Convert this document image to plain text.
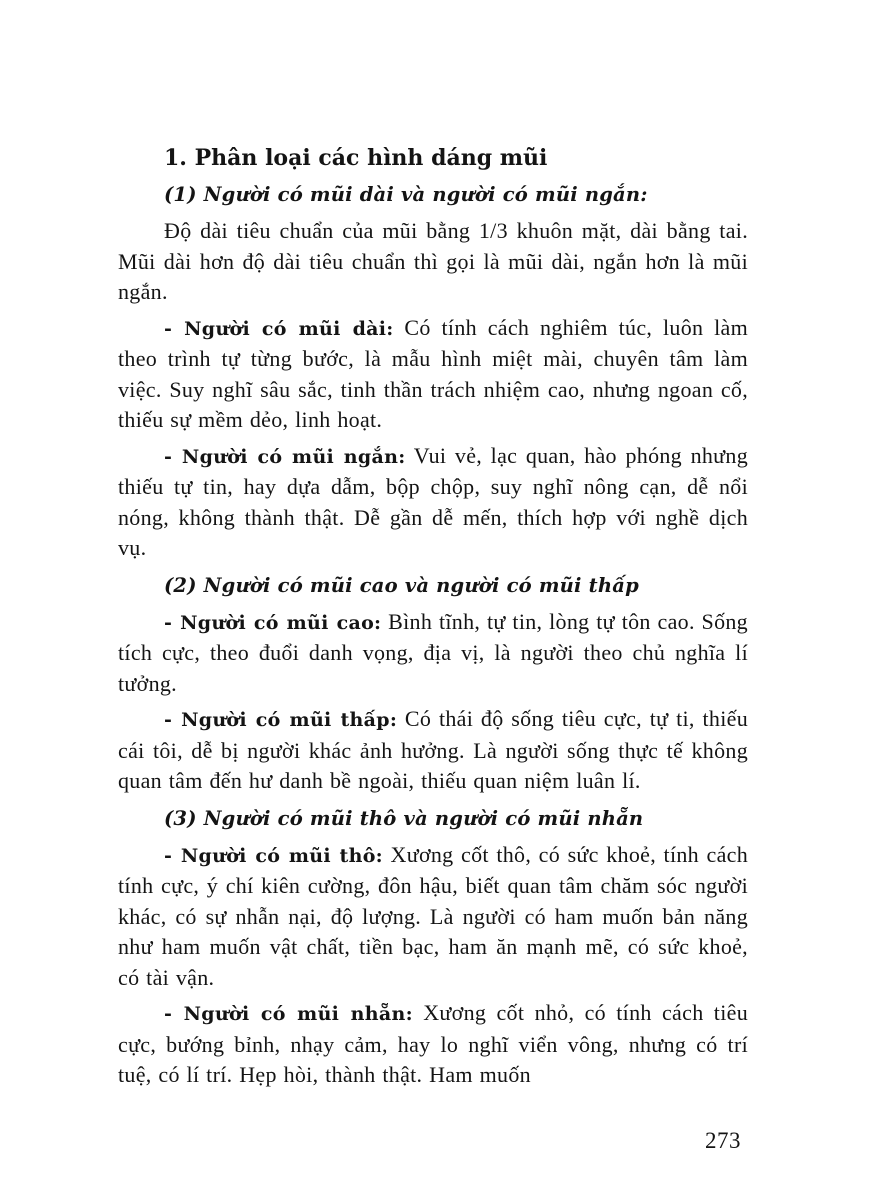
1. Phân loại các hình dáng mũi
(1) Người có mũi dài và người có mũi ngắn:

Độ dài tiêu chuẩn của mũi bằng 1/3 khuôn mặt, dài bằng tai. Mũi dài hơn độ dài tiêu chuẩn thì gọi là mũi dài, ngắn hơn là mũi ngắn.

- Người có mũi dài: Có tính cách nghiêm túc, luôn làm theo trình tự từng bước, là mẫu hình miệt mài, chuyên tâm làm việc. Suy nghĩ sâu sắc, tinh thần trách nhiệm cao, nhưng ngoan cố, thiếu sự mềm dẻo, linh hoạt.

- Người có mũi ngắn: Vui vẻ, lạc quan, hào phóng nhưng thiếu tự tin, hay dựa dẫm, bộp chộp, suy nghĩ nông cạn, dễ nổi nóng, không thành thật. Dễ gần dễ mến, thích hợp với nghề dịch vụ.

(2) Người có mũi cao và người có mũi thấp

- Người có mũi cao: Bình tĩnh, tự tin, lòng tự tôn cao. Sống tích cực, theo đuổi danh vọng, địa vị, là người theo chủ nghĩa lí tưởng.

- Người có mũi thấp: Có thái độ sống tiêu cực, tự ti, thiếu cái tôi, dễ bị người khác ảnh hưởng. Là người sống thực tế không quan tâm đến hư danh bề ngoài, thiếu quan niệm luân lí.

(3) Người có mũi thô và người có mũi nhẵn

- Người có mũi thô: Xương cốt thô, có sức khoẻ, tính cách tính cực, ý chí kiên cường, đôn hậu, biết quan tâm chăm sóc người khác, có sự nhẫn nại, độ lượng. Là người có ham muốn bản năng như ham muốn vật chất, tiền bạc, ham ăn mạnh mẽ, có sức khoẻ, có tài vận.

- Người có mũi nhẵn: Xương cốt nhỏ, có tính cách tiêu cực, bướng bỉnh, nhạy cảm, hay lo nghĩ viển vông, nhưng có trí tuệ, có lí trí. Hẹp hòi, thành thật. Ham muốn

273
